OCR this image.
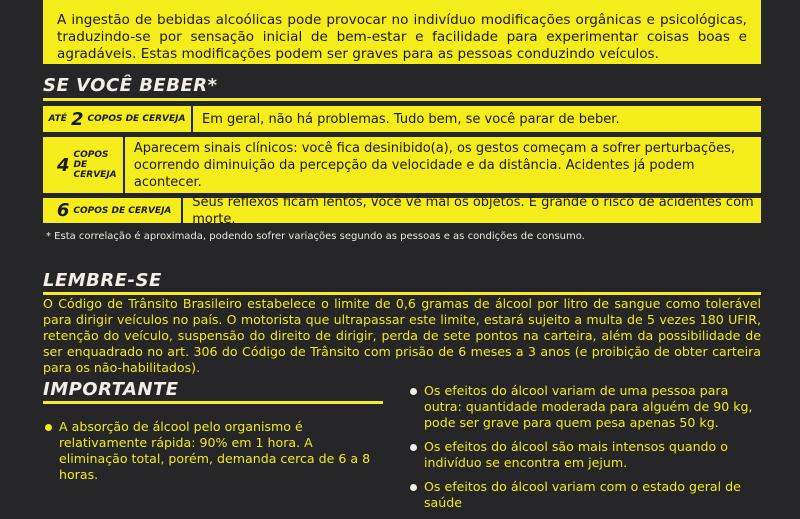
A ingestão de bebidas alcoólicas pode provocar no indivíduo modificações orgânicas e psicológicas, traduzindo-se por sensação inicial de bem-estar e facilidade para experimentar coisas boas e agradáveis. Estas modificações podem ser graves para as pessoas conduzindo veículos.

SE VOCÊ BEBER*
ATÉ 2 COPOS DE CERVEJA	Em geral, não há problemas. Tudo bem, se você parar de beber.
4 COPOS DE CERVEJA
Aparecem sinais clínicos: você fica desinibido(a), os gestos começam a sofrer perturbações, ocorrendo diminuição da percepção da velocidade e da distância. Acidentes já podem acontecer.
6 COPOS DE CERVEJA
Seus reflexos ficam lentos, você vê mal os objetos. É grande o risco de acidentes com morte.
* Esta correlação é aproximada, podendo sofrer variações segundo as pessoas e as condições de consumo.
LEMBRE-SE
O Código de Trânsito Brasileiro estabelece o limite de 0,6 gramas de álcool por litro de sangue como tolerável para dirigir veículos no país. O motorista que ultrapassar este limite, estará sujeito a multa de 5 vezes 180 UFIR, retenção do veículo, suspensão do direito de dirigir, perda de sete pontos na carteira, além da possibilidade de ser enquadrado no art. 306 do Código de Trânsito com prisão de 6 meses a 3 anos (e proibição de obter carteira para os não-habilitados).
IMPORTANTE
A absorção de álcool pelo organismo é relativamente rápida: 90% em 1 hora. A eliminação total, porém, demanda cerca de 6 a 8 horas.
Os efeitos do álcool variam de uma pessoa para outra: quantidade moderada para alguém de 90 kg, pode ser grave para quem pesa apenas 50 kg.
Os efeitos do álcool são mais intensos quando o indivíduo se encontra em jejum.
Os efeitos do álcool variam com o estado geral de saúde
